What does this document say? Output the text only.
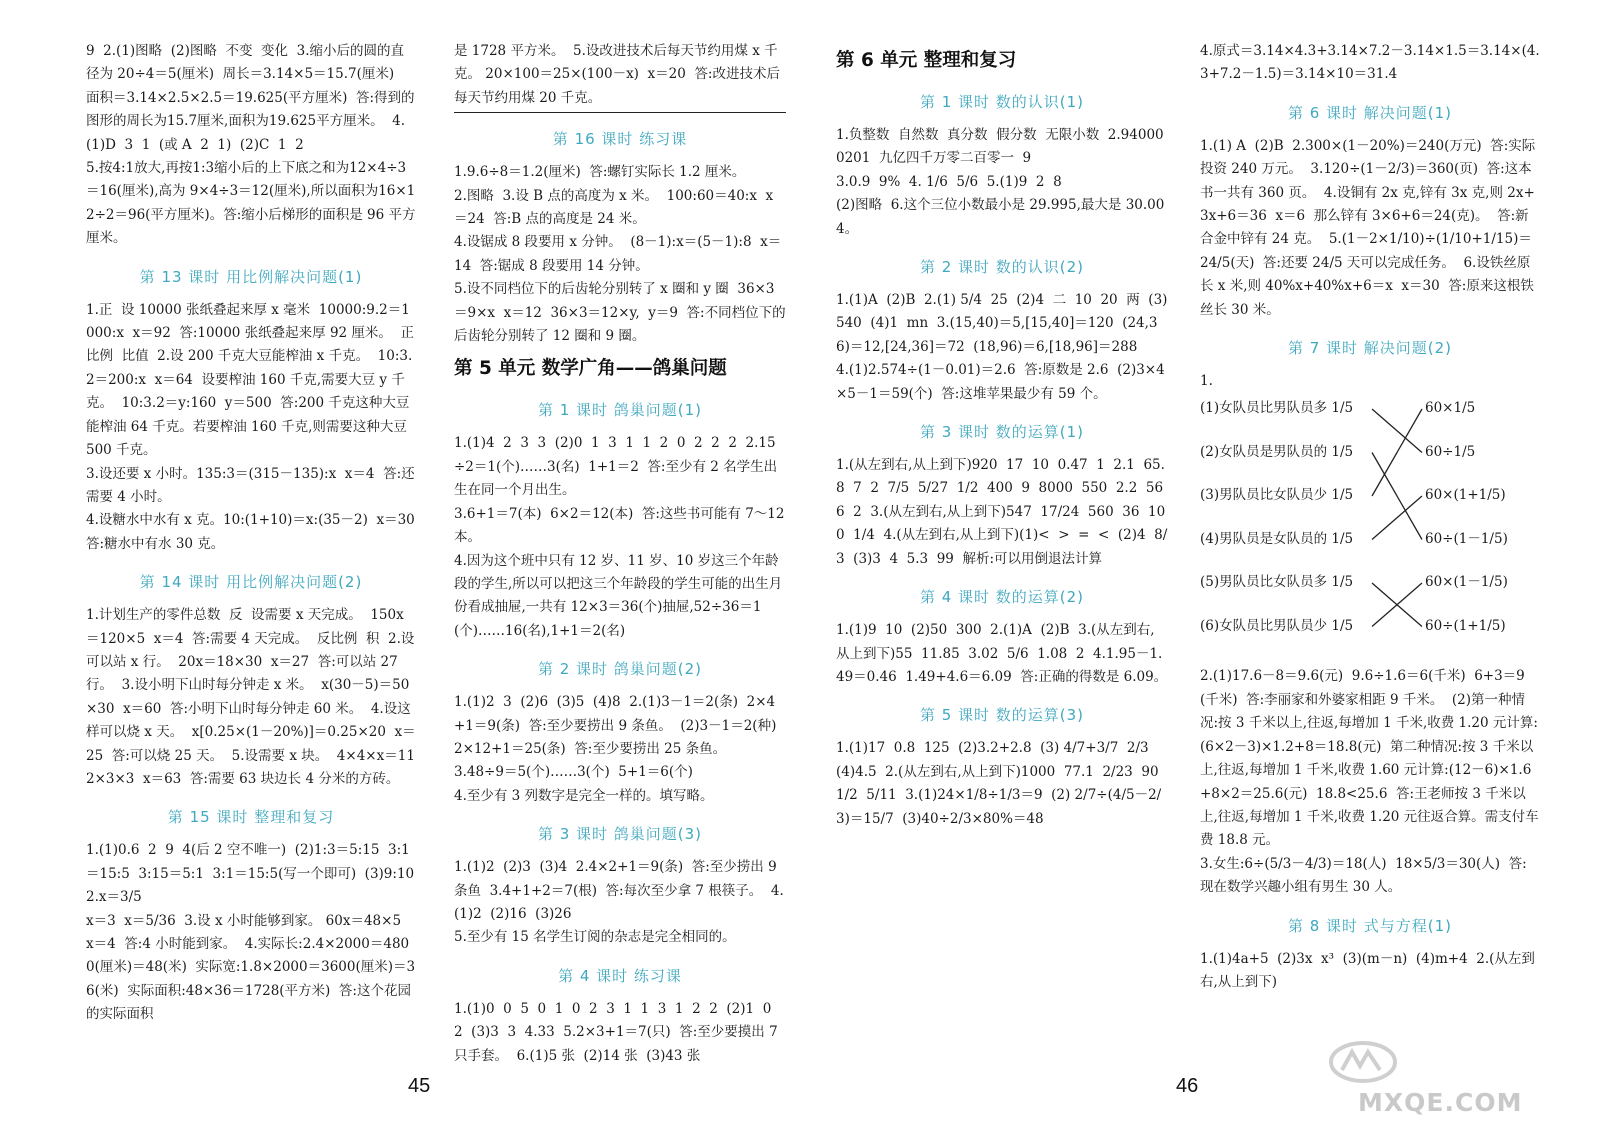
9  2.(1)图略  (2)图略  不变  变化  3.缩小后的圆的直径为 20÷4＝5(厘米)  周长＝3.14×5＝15.7(厘米)  面积＝3.14×2.5×2.5＝19.625(平方厘米)  答:得到的图形的周长为15.7厘米,面积为19.625平方厘米。  4.(1)D  3  1  (或 A  2  1)  (2)C  1  2
5.按4:1放大,再按1:3缩小后的上下底之和为12×4÷3＝16(厘米),高为 9×4÷3＝12(厘米),所以面积为16×12÷2＝96(平方厘米)。答:缩小后梯形的面积是 96 平方厘米。
第 13 课时 用比例解决问题(1)
1.正  设 10000 张纸叠起来厚 x 毫米  10000:9.2＝1000:x  x＝92  答:10000 张纸叠起来厚 92 厘米。  正比例  比值  2.设 200 千克大豆能榨油 x 千克。  10:3.2＝200:x  x＝64  设要榨油 160 千克,需要大豆 y 千克。  10:3.2＝y:160  y＝500  答:200 千克这种大豆能榨油 64 千克。若要榨油 160 千克,则需要这种大豆 500 千克。
3.设还要 x 小时。135:3＝(315－135):x  x＝4  答:还需要 4 小时。
4.设糖水中水有 x 克。10:(1+10)＝x:(35－2)  x＝30  答:糖水中有水 30 克。
第 14 课时 用比例解决问题(2)
1.计划生产的零件总数  反  设需要 x 天完成。  150x＝120×5  x＝4  答:需要 4 天完成。  反比例  积  2.设可以站 x 行。  20x＝18×30  x＝27  答:可以站 27 行。  3.设小明下山时每分钟走 x 米。  x(30－5)＝50×30  x＝60  答:小明下山时每分钟走 60 米。  4.设这样可以烧 x 天。  x[0.25×(1－20%)]＝0.25×20  x＝25  答:可以烧 25 天。  5.设需要 x 块。  4×4×x＝112×3×3  x＝63  答:需要 63 块边长 4 分米的方砖。
第 15 课时 整理和复习
1.(1)0.6  2  9  4(后 2 空不唯一)  (2)1:3＝5:15  3:1＝15:5  3:15＝5:1  3:1＝15:5(写一个即可)  (3)9:10  2.x＝3/5
x＝3  x＝5/36  3.设 x 小时能够到家。 60x＝48×5  x＝4  答:4 小时能到家。  4.实际长:2.4×2000＝4800(厘米)＝48(米)  实际宽:1.8×2000＝3600(厘米)＝36(米)  实际面积:48×36＝1728(平方米)  答:这个花园的实际面积
是 1728 平方米。  5.设改进技术后每天节约用煤 x 千克。 20×100＝25×(100－x)  x＝20  答:改进技术后每天节约用煤 20 千克。
第 16 课时 练习课
1.9.6÷8＝1.2(厘米)  答:螺钉实际长 1.2 厘米。
2.图略  3.设 B 点的高度为 x 米。  100:60＝40:x  x＝24  答:B 点的高度是 24 米。
4.设锯成 8 段要用 x 分钟。  (8－1):x＝(5－1):8  x＝14  答:锯成 8 段要用 14 分钟。
5.设不同档位下的后齿轮分别转了 x 圈和 y 圈  36×3＝9×x  x＝12  36×3＝12×y,  y＝9  答:不同档位下的后齿轮分别转了 12 圈和 9 圈。
第 5 单元 数学广角——鸽巢问题
第 1 课时 鸽巢问题(1)
1.(1)4  2  3  3  (2)0  1  3  1  1  2  0  2  2  2  2.15÷2＝1(个)……3(名)  1+1＝2  答:至少有 2 名学生出生在同一个月出生。
3.6+1＝7(本)  6×2＝12(本)  答:这些书可能有 7～12 本。
4.因为这个班中只有 12 岁、11 岁、10 岁这三个年龄段的学生,所以可以把这三个年龄段的学生可能的出生月份看成抽屉,一共有 12×3＝36(个)抽屉,52÷36＝1(个)……16(名),1+1＝2(名)
第 2 课时 鸽巢问题(2)
1.(1)2  3  (2)6  (3)5  (4)8  2.(1)3－1＝2(条)  2×4+1＝9(条)  答:至少要捞出 9 条鱼。  (2)3－1＝2(种)  2×12+1＝25(条)  答:至少要捞出 25 条鱼。
3.48÷9＝5(个)……3(个)  5+1＝6(个)
4.至少有 3 列数字是完全一样的。填写略。
第 3 课时 鸽巢问题(3)
1.(1)2  (2)3  (3)4  2.4×2+1＝9(条)  答:至少捞出 9 条鱼  3.4+1+2＝7(根)  答:每次至少拿 7 根筷子。  4.(1)2  (2)16  (3)26
5.至少有 15 名学生订阅的杂志是完全相同的。
第 4 课时 练习课
1.(1)0  0  5  0  1  0  2  3  1  1  3  1  2  2  (2)1  0  2  (3)3  3  4.33  5.2×3+1＝7(只)  答:至少要摸出 7 只手套。  6.(1)5 张  (2)14 张  (3)43 张
第 6 单元 整理和复习
第 1 课时 数的认识(1)
1.负整数  自然数  真分数  假分数  无限小数  2.940000201  九亿四千万零二百零一  9
3.0.9  9%  4. 1/6  5/6  5.(1)9  2  8
(2)图略  6.这个三位小数最小是 29.995,最大是 30.004。
第 2 课时 数的认识(2)
1.(1)A  (2)B  2.(1) 5/4  25  (2)4  二  10  20  两  (3)540  (4)1  mn  3.(15,40)＝5,[15,40]＝120  (24,36)＝12,[24,36]＝72  (18,96)＝6,[18,96]＝288
4.(1)2.574÷(1－0.01)＝2.6  答:原数是 2.6  (2)3×4×5－1＝59(个)  答:这堆苹果最少有 59 个。
第 3 课时 数的运算(1)
1.(从左到右,从上到下)920  17  10  0.47  1  2.1  65.8  7  2  7/5  5/27  1/2  400  9  8000  550  2.2  56  6  2  3.(从左到右,从上到下)547  17/24  560  36  100  1/4  4.(从左到右,从上到下)(1)<  >  =  <  (2)4  8/3  (3)3  4  5.3  99  解析:可以用倒退法计算
第 4 课时 数的运算(2)
1.(1)9  10  (2)50  300  2.(1)A  (2)B  3.(从左到右,从上到下)55  11.85  3.02  5/6  1.08  2  4.1.95－1.49＝0.46  1.49+4.6＝6.09  答:正确的得数是 6.09。
第 5 课时 数的运算(3)
1.(1)17  0.8  125  (2)3.2+2.8  (3) 4/7+3/7  2/3  (4)4.5  2.(从左到右,从上到下)1000  77.1  2/23  90  1/2  5/11  3.(1)24×1/8÷1/3＝9  (2) 2/7÷(4/5－2/3)＝15/7  (3)40÷2/3×80%＝48
4.原式＝3.14×4.3+3.14×7.2－3.14×1.5＝3.14×(4.3+7.2－1.5)＝3.14×10＝31.4
第 6 课时 解决问题(1)
1.(1) A  (2)B  2.300×(1－20%)＝240(万元)  答:实际投资 240 万元。  3.120÷(1－2/3)＝360(页)  答:这本书一共有 360 页。  4.设铜有 2x 克,锌有 3x 克,则 2x+3x+6＝36  x＝6  那么锌有 3×6+6＝24(克)。  答:新合金中锌有 24 克。  5.(1－2×1/10)÷(1/10+1/15)＝24/5(天)  答:还要 24/5 天可以完成任务。  6.设铁丝原长 x 米,则 40%x+40%x+6＝x  x＝30  答:原来这根铁丝长 30 米。
第 7 课时 解决问题(2)
1.
(1)女队员比男队员多 1/5
(2)女队员是男队员的 1/5
(3)男队员比女队员少 1/5
(4)男队员是女队员的 1/5
(5)男队员比女队员多 1/5
(6)女队员比男队员少 1/5
60×1/5
60÷1/5
60×(1+1/5)
60÷(1－1/5)
60×(1－1/5)
60÷(1+1/5)
2.(1)17.6－8＝9.6(元)  9.6÷1.6＝6(千米)  6+3＝9(千米)  答:李丽家和外婆家相距 9 千米。  (2)第一种情况:按 3 千米以上,往返,每增加 1 千米,收费 1.20 元计算:(6×2－3)×1.2+8＝18.8(元)  第二种情况:按 3 千米以上,往返,每增加 1 千米,收费 1.60 元计算:(12－6)×1.6+8×2＝25.6(元)  18.8<25.6  答:王老师按 3 千米以上,往返,每增加 1 千米,收费 1.20 元往返合算。需支付车费 18.8 元。
3.女生:6÷(5/3－4/3)＝18(人)  18×5/3＝30(人)  答:现在数学兴趣小组有男生 30 人。
第 8 课时 式与方程(1)
1.(1)4a+5  (2)3x  x³  (3)(m－n)  (4)m+4  2.(从左到右,从上到下)
45	46
MXQE.COM
